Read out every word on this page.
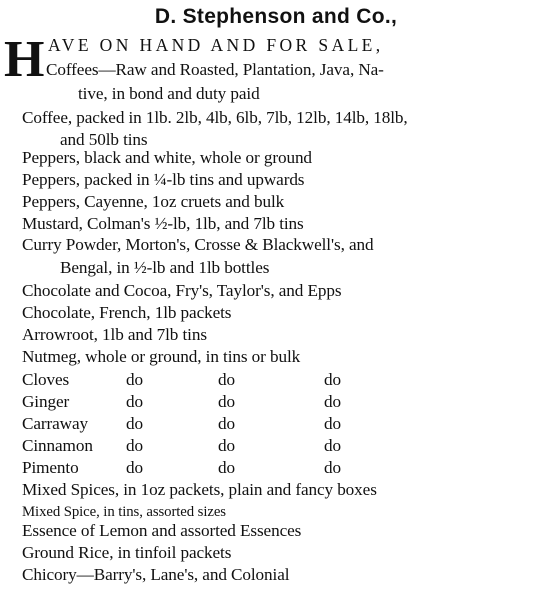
D. Stephenson and Co.,
H AVE ON HAND AND FOR SALE,
Coffees—Raw and Roasted, Plantation, Java, Na-
tive, in bond and duty paid
Coffee, packed in 1lb. 2lb, 4lb, 6lb, 7lb, 12lb, 14lb, 18lb,
and 50lb tins
Peppers, black and white, whole or ground
Peppers, packed in ¼-lb tins and upwards
Peppers, Cayenne, 1oz cruets and bulk
Mustard, Colman's ½-lb, 1lb, and 7lb tins
Curry Powder, Morton's, Crosse & Blackwell's, and
Bengal, in ½-lb and 1lb bottles
Chocolate and Cocoa, Fry's, Taylor's, and Epps
Chocolate, French, 1lb packets
Arrowroot, 1lb and 7lb tins
Nutmeg, whole or ground, in tins or bulk
Cloves	do	do	do
Ginger	do	do	do
Carraway do	do	do
Cinnamon do	do	do
Pimento	do	do	do
Mixed Spices, in 1oz packets, plain and fancy boxes
Mixed Spice, in tins, assorted sizes
Essence of Lemon and assorted Essences
Ground Rice, in tinfoil packets
Chicory—Barry's, Lane's, and Colonial
